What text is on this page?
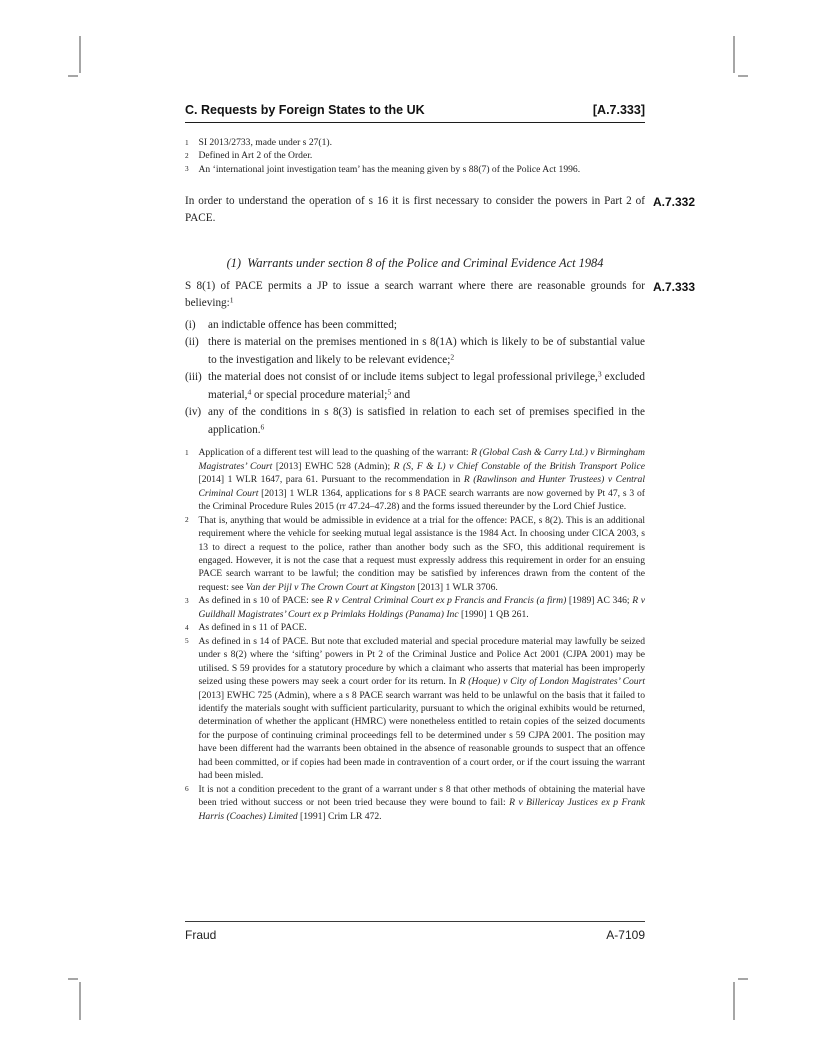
C. Requests by Foreign States to the UK	[A.7.333]
1 SI 2013/2733, made under s 27(1).
2 Defined in Art 2 of the Order.
3 An ‘international joint investigation team’ has the meaning given by s 88(7) of the Police Act 1996.
A.7.332
In order to understand the operation of s 16 it is first necessary to consider the powers in Part 2 of PACE.
(1) Warrants under section 8 of the Police and Criminal Evidence Act 1984
A.7.333
S 8(1) of PACE permits a JP to issue a search warrant where there are reasonable grounds for believing:$^1$
(i) an indictable offence has been committed;
(ii) there is material on the premises mentioned in s 8(1A) which is likely to be of substantial value to the investigation and likely to be relevant evidence;$^2$
(iii) the material does not consist of or include items subject to legal professional privilege,$^3$ excluded material,$^4$ or special procedure material;$^5$ and
(iv) any of the conditions in s 8(3) is satisfied in relation to each set of premises specified in the application.$^6$
1 Application of a different test will lead to the quashing of the warrant: R (Global Cash & Carry Ltd.) v Birmingham Magistrates’ Court [2013] EWHC 528 (Admin); R (S, F & L) v Chief Constable of the British Transport Police [2014] 1 WLR 1647, para 61. Pursuant to the recommendation in R (Rawlinson and Hunter Trustees) v Central Criminal Court [2013] 1 WLR 1364, applications for s 8 PACE search warrants are now governed by Pt 47, s 3 of the Criminal Procedure Rules 2015 (rr 47.24–47.28) and the forms issued thereunder by the Lord Chief Justice.
2 That is, anything that would be admissible in evidence at a trial for the offence: PACE, s 8(2). This is an additional requirement where the vehicle for seeking mutual legal assistance is the 1984 Act. In choosing under CICA 2003, s 13 to direct a request to the police, rather than another body such as the SFO, this additional requirement is engaged. However, it is not the case that a request must expressly address this requirement in order for an ensuing PACE search warrant to be lawful; the condition may be satisfied by inferences drawn from the content of the request: see Van der Pijl v The Crown Court at Kingston [2013] 1 WLR 3706.
3 As defined in s 10 of PACE: see R v Central Criminal Court ex p Francis and Francis (a firm) [1989] AC 346; R v Guildhall Magistrates’ Court ex p Primlaks Holdings (Panama) Inc [1990] 1 QB 261.
4 As defined in s 11 of PACE.
5 As defined in s 14 of PACE. But note that excluded material and special procedure material may lawfully be seized under s 8(2) where the ‘sifting’ powers in Pt 2 of the Criminal Justice and Police Act 2001 (CJPA 2001) may be utilised. S 59 provides for a statutory procedure by which a claimant who asserts that material has been improperly seized using these powers may seek a court order for its return. In R (Hoque) v City of London Magistrates’ Court [2013] EWHC 725 (Admin), where a s 8 PACE search warrant was held to be unlawful on the basis that it failed to identify the materials sought with sufficient particularity, pursuant to which the original exhibits would be returned, determination of whether the applicant (HMRC) were nonetheless entitled to retain copies of the seized documents for the purpose of continuing criminal proceedings fell to be determined under s 59 CJPA 2001. The position may have been different had the warrants been obtained in the absence of reasonable grounds to suspect that an offence had been committed, or if copies had been made in contravention of a court order, or if the court issuing the warrant had been misled.
6 It is not a condition precedent to the grant of a warrant under s 8 that other methods of obtaining the material have been tried without success or not been tried because they were bound to fail: R v Billericay Justices ex p Frank Harris (Coaches) Limited [1991] Crim LR 472.
Fraud	A-7109
